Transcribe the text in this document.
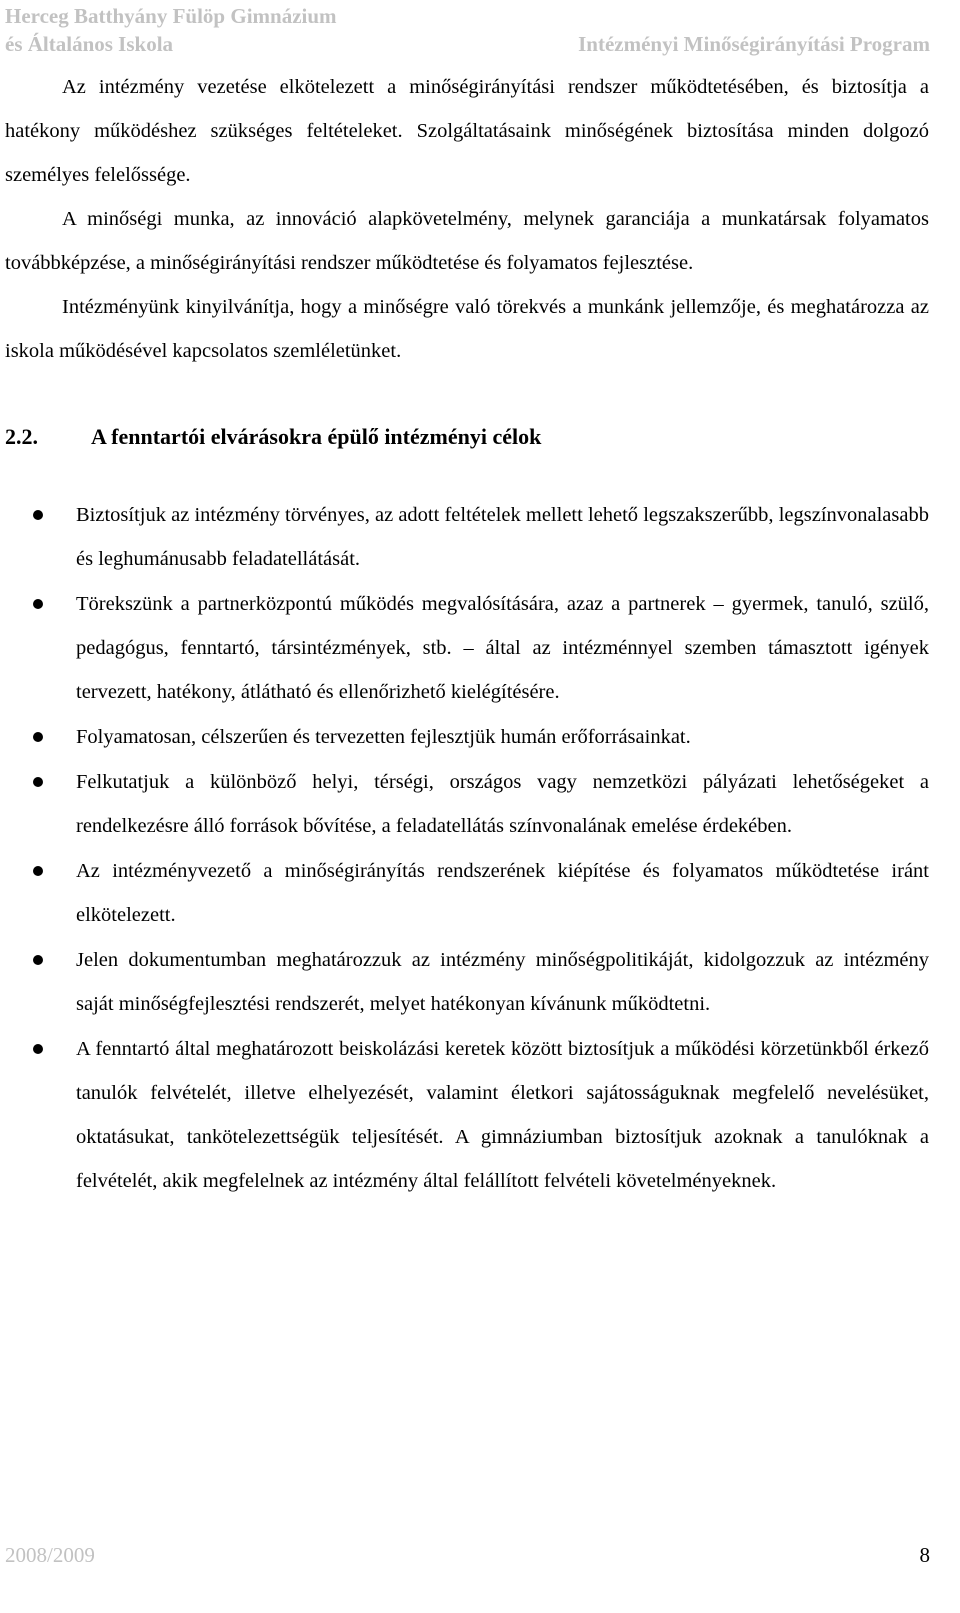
Herceg Batthyány Fülöp Gimnázium
és Általános Iskola	Intézményi Minőségirányítási Program

Az intézmény vezetése elkötelezett a minőségirányítási rendszer működtetésében, és biztosítja a hatékony működéshez szükséges feltételeket. Szolgáltatásaink minőségének biztosítása minden dolgozó személyes felelőssége.

A minőségi munka, az innováció alapkövetelmény, melynek garanciája a munkatársak folyamatos továbbképzése, a minőségirányítási rendszer működtetése és folyamatos fejlesztése.

Intézményünk kinyilvánítja, hogy a minőségre való törekvés a munkánk jellemzője, és meghatározza az iskola működésével kapcsolatos szemléletünket.

2.2. A fenntartói elvárásokra épülő intézményi célok
Biztosítjuk az intézmény törvényes, az adott feltételek mellett lehető legszakszerűbb, legszínvonalasabb és leghumánusabb feladatellátását.
Törekszünk a partnerközpontú működés megvalósítására, azaz a partnerek – gyermek, tanuló, szülő, pedagógus, fenntartó, társintézmények, stb. – által az intézménnyel szemben támasztott igények tervezett, hatékony, átlátható és ellenőrizhető kielégítésére.
Folyamatosan, célszerűen és tervezetten fejlesztjük humán erőforrásainkat.
Felkutatjuk a különböző helyi, térségi, országos vagy nemzetközi pályázati lehetőségeket a rendelkezésre álló források bővítése, a feladatellátás színvonalának emelése érdekében.
Az intézményvezető a minőségirányítás rendszerének kiépítése és folyamatos működtetése iránt elkötelezett.
Jelen dokumentumban meghatározzuk az intézmény minőségpolitikáját, kidolgozzuk az intézmény saját minőségfejlesztési rendszerét, melyet hatékonyan kívánunk működtetni.
A fenntartó által meghatározott beiskolázási keretek között biztosítjuk a működési körzetünkből érkező tanulók felvételét, illetve elhelyezését, valamint életkori sajátosságuknak megfelelő nevelésüket, oktatásukat, tankötelezettségük teljesítését. A gimnáziumban biztosítjuk azoknak a tanulóknak a felvételét, akik megfelelnek az intézmény által felállított felvételi követelményeknek.
2008/2009	8
